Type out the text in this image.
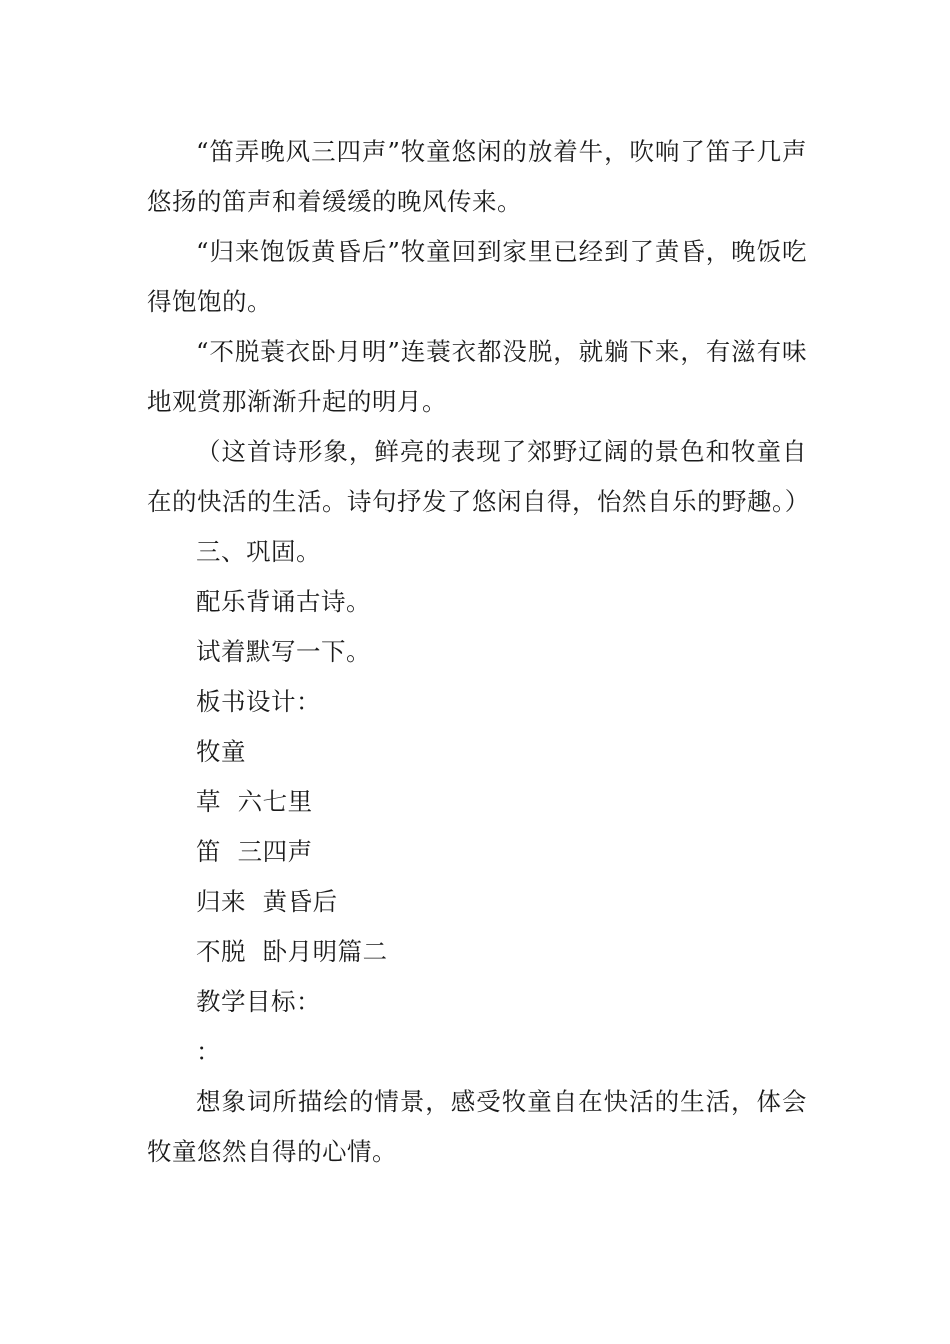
“笛弄晚风三四声”牧童悠闲的放着牛，吹响了笛子几声悠扬的笛声和着缓缓的晚风传来。

“归来饱饭黄昏后”牧童回到家里已经到了黄昏，晚饭吃得饱饱的。

“不脱蓑衣卧月明”连蓑衣都没脱，就躺下来，有滋有味地观赏那渐渐升起的明月。

（这首诗形象，鲜亮的表现了郊野辽阔的景色和牧童自在的快活的生活。诗句抒发了悠闲自得，怡然自乐的野趣。）

三、巩固。

配乐背诵古诗。

试着默写一下。

板书设计：

牧童

草  六七里

笛  三四声

归来  黄昏后

不脱  卧月明篇二

教学目标：

：

想象词所描绘的情景，感受牧童自在快活的生活，体会牧童悠然自得的心情。
